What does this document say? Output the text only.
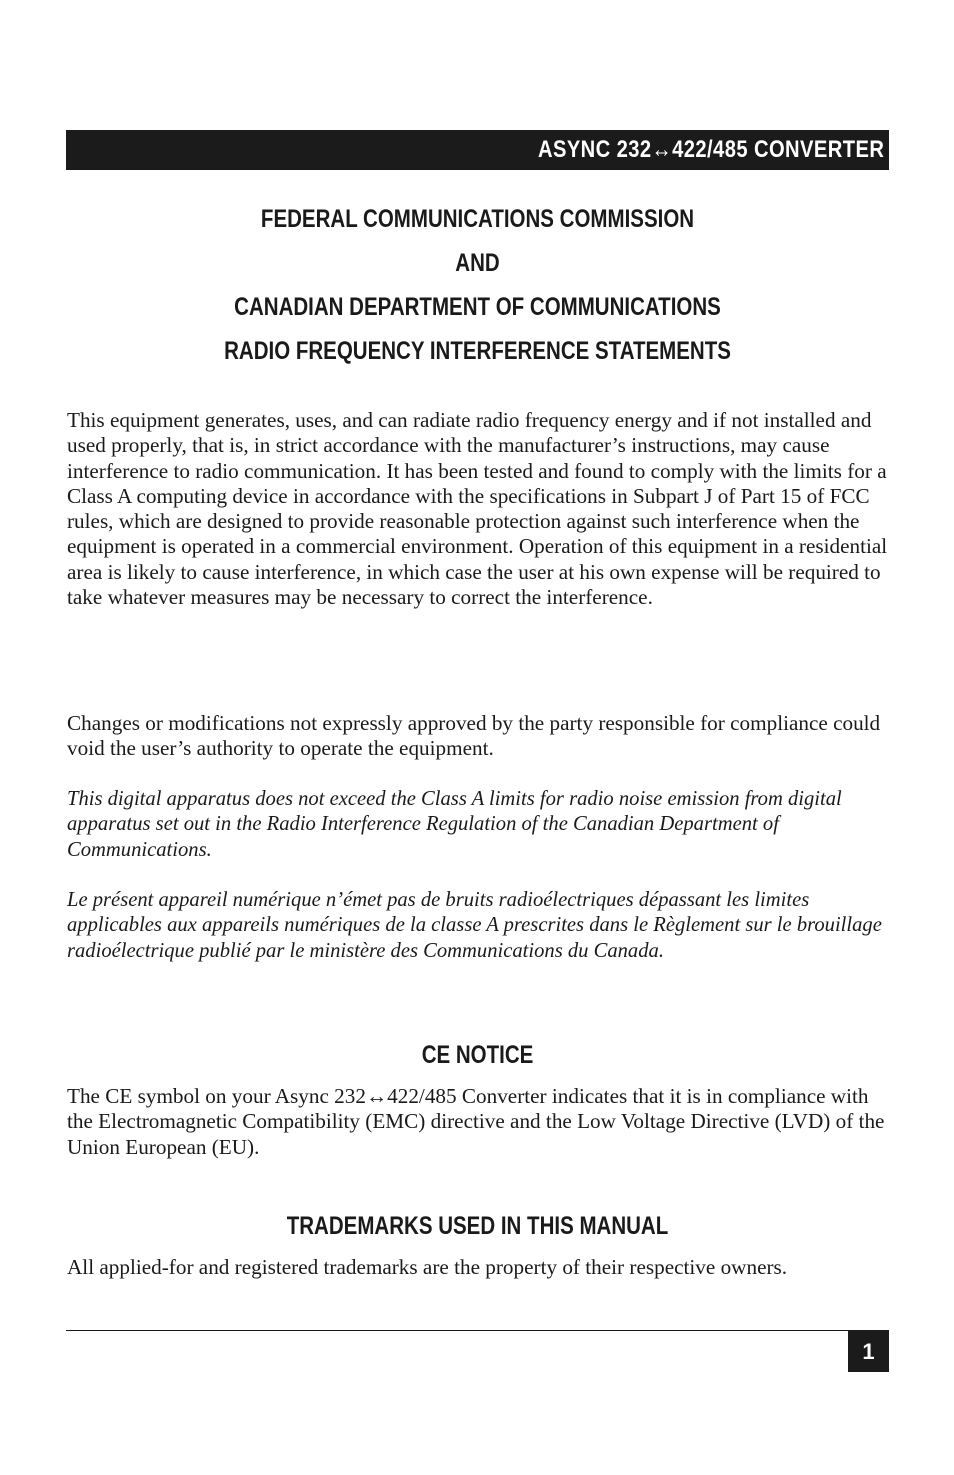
ASYNC 232↔422/485 CONVERTER

FEDERAL COMMUNICATIONS COMMISSION

AND

CANADIAN DEPARTMENT OF COMMUNICATIONS

RADIO FREQUENCY INTERFERENCE STATEMENTS

This equipment generates, uses, and can radiate radio frequency energy and if not installed and used properly, that is, in strict accordance with the manufacturer’s instructions, may cause interference to radio communication. It has been tested and found to comply with the limits for a Class A computing device in accordance with the specifications in Subpart J of Part 15 of FCC rules, which are designed to provide reasonable protection against such interference when the equipment is operated in a commercial environment. Operation of this equipment in a residential area is likely to cause interference, in which case the user at his own expense will be required to take whatever measures may be necessary to correct the interference.

Changes or modifications not expressly approved by the party responsible for compliance could void the user’s authority to operate the equipment.

This digital apparatus does not exceed the Class A limits for radio noise emission from digital apparatus set out in the Radio Interference Regulation of the Canadian Department of Communications.

Le présent appareil numérique n’émet pas de bruits radioélectriques dépassant les limites applicables aux appareils numériques de la classe A prescrites dans le Règlement sur le brouillage radioélectrique publié par le ministère des Communications du Canada.

CE NOTICE

The CE symbol on your Async 232↔422/485 Converter indicates that it is in compliance with the Electromagnetic Compatibility (EMC) directive and the Low Voltage Directive (LVD) of the Union European (EU).

TRADEMARKS USED IN THIS MANUAL

All applied-for and registered trademarks are the property of their respective owners.

1
